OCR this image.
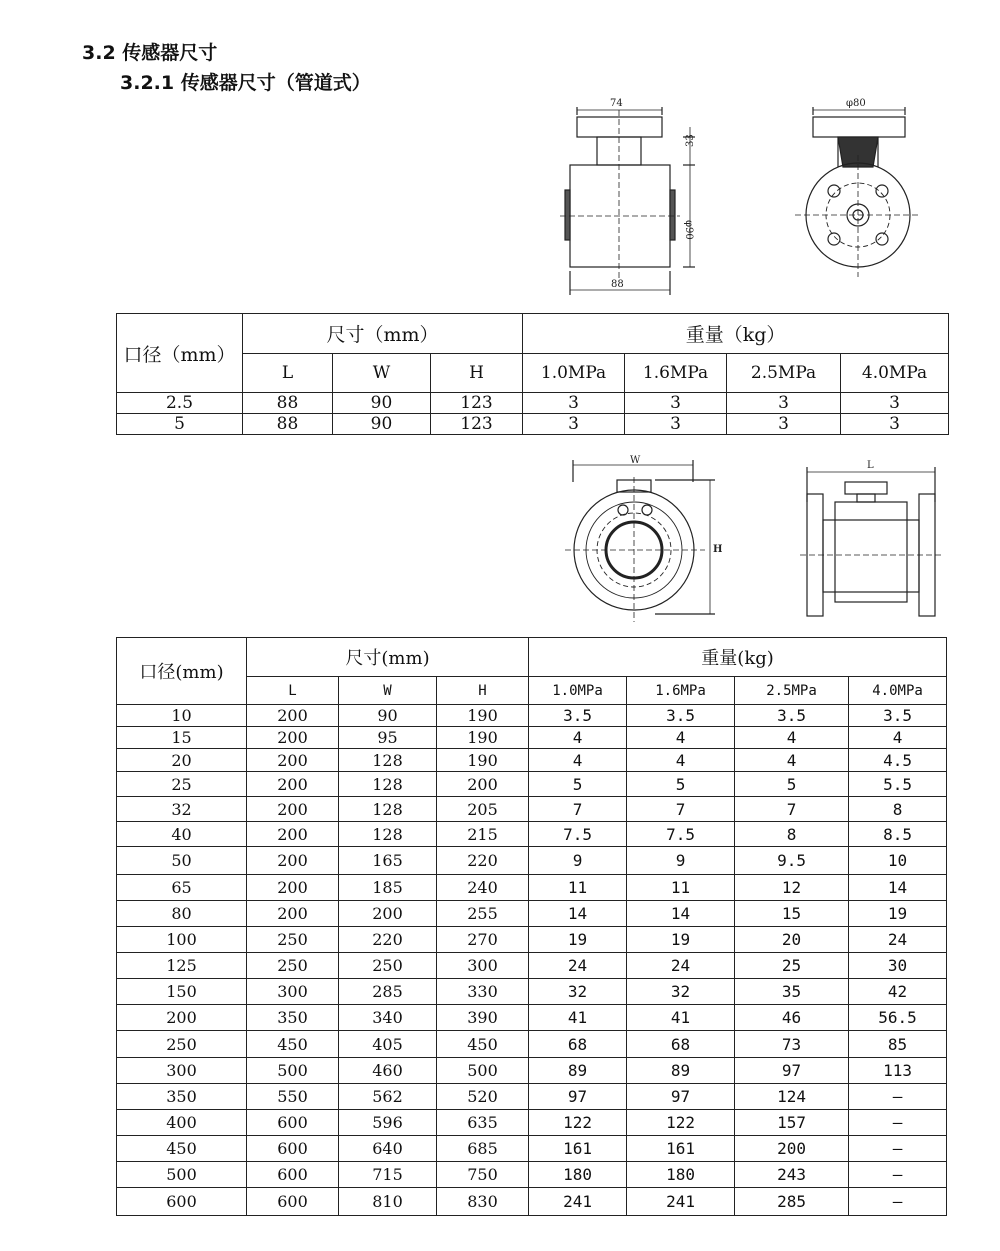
3.2 传感器尺寸
3.2.1 传感器尺寸（管道式）
74
33
φ90
88
φ80
口径（mm）	尺寸（mm）			重量（kg）			
	L	W	H	1.0MPa	1.6MPa	2.5MPa	4.0MPa
2.5	88	90	123	3	3	3	3
5	88	90	123	3	3	3	3
W
H
L
口径(mm)	尺寸(mm)			重量(kg)			
	L	W	H	1.0MPa	1.6MPa	2.5MPa	4.0MPa
10	200	90	190	3.5	3.5	3.5	3.5
15	200	95	190	4	4	4	4
20	200	128	190	4	4	4	4.5
25	200	128	200	5	5	5	5.5
32	200	128	205	7	7	7	8
40	200	128	215	7.5	7.5	8	8.5
50	200	165	220	9	9	9.5	10
65	200	185	240	11	11	12	14
80	200	200	255	14	14	15	19
100	250	220	270	19	19	20	24
125	250	250	300	24	24	25	30
150	300	285	330	32	32	35	42
200	350	340	390	41	41	46	56.5
250	450	405	450	68	68	73	85
300	500	460	500	89	89	97	113
350	550	562	520	97	97	124	—
400	600	596	635	122	122	157	—
450	600	640	685	161	161	200	—
500	600	715	750	180	180	243	—
600	600	810	830	241	241	285	—
